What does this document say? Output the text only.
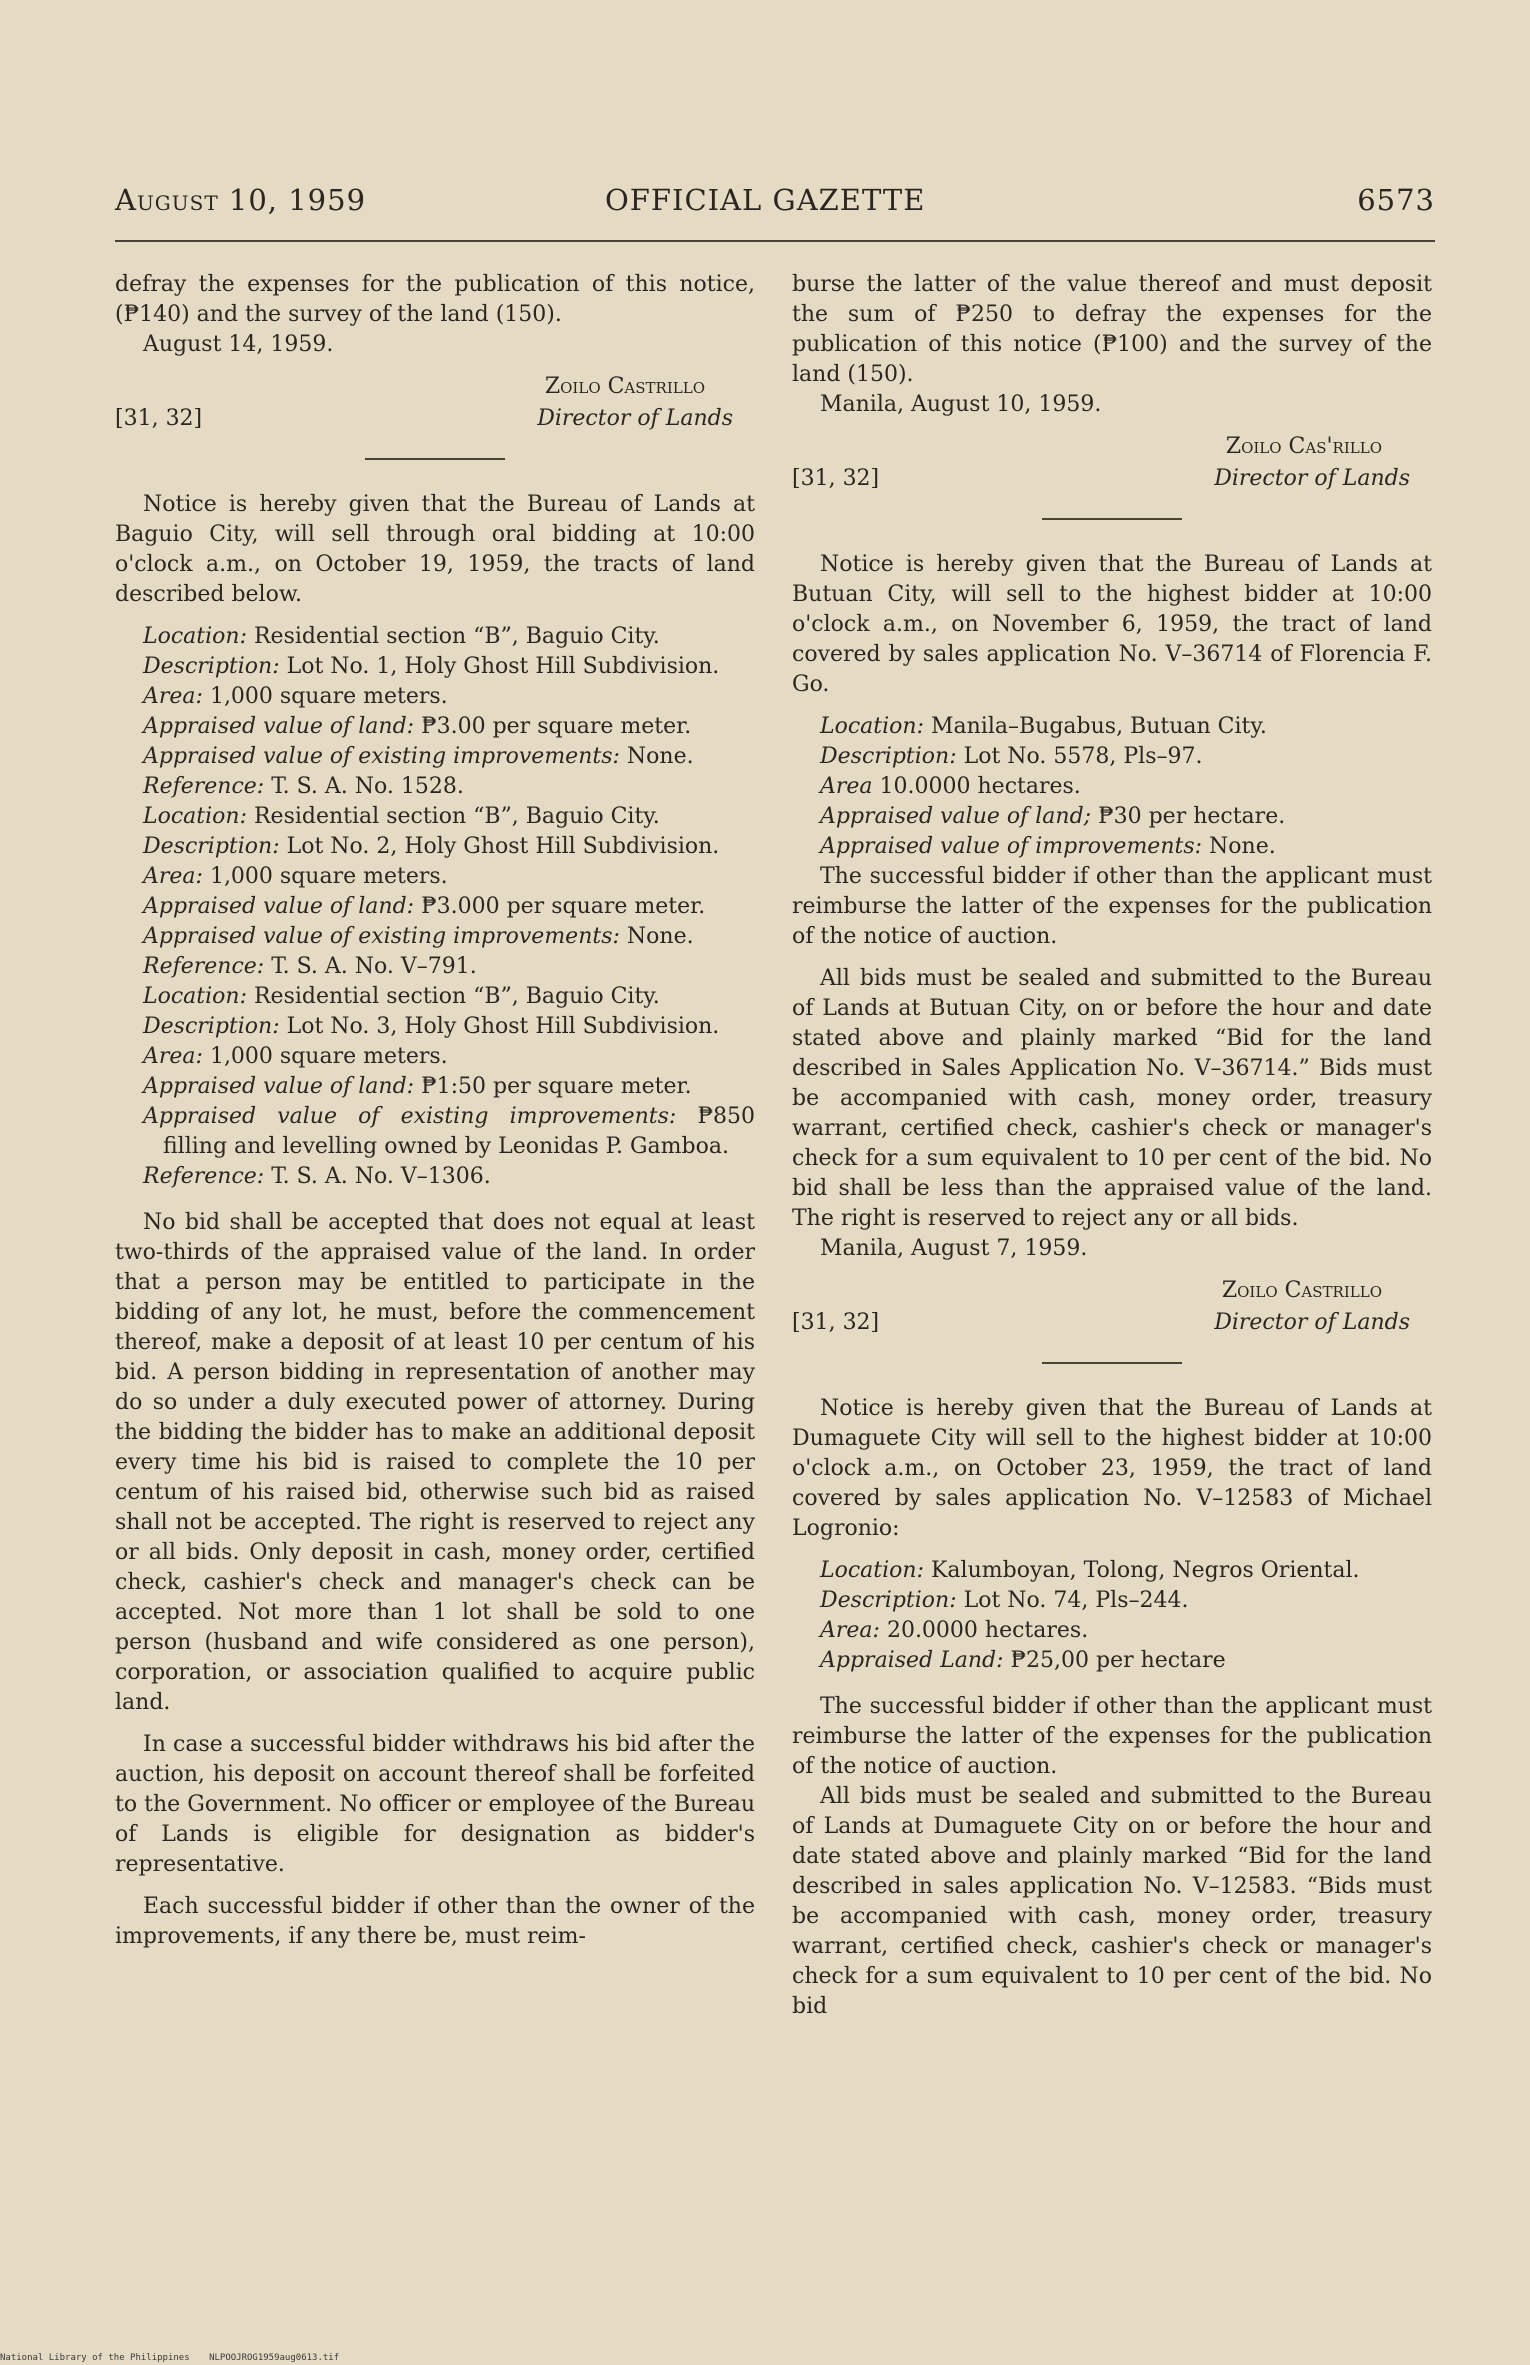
August 10, 1959	OFFICIAL GAZETTE	6573

defray the expenses for the publication of this notice, (₱140) and the survey of the land (150).

August 14, 1959.

Zoilo Castrillo
[31, 32]	Director of Lands

Notice is hereby given that the Bureau of Lands at Baguio City, will sell through oral bidding at 10:00 o'clock a.m., on October 19, 1959, the tracts of land described below.

Location: Residential section “B”, Baguio City.

Description: Lot No. 1, Holy Ghost Hill Subdivision.

Area: 1,000 square meters.

Appraised value of land: ₱3.00 per square meter.

Appraised value of existing improvements: None.

Reference: T. S. A. No. 1528.

Location: Residential section “B”, Baguio City.

Description: Lot No. 2, Holy Ghost Hill Subdivision.

Area: 1,000 square meters.

Appraised value of land: ₱3.000 per square meter.

Appraised value of existing improvements: None.

Reference: T. S. A. No. V–791.

Location: Residential section “B”, Baguio City.

Description: Lot No. 3, Holy Ghost Hill Subdivision.

Area: 1,000 square meters.

Appraised value of land: ₱1:50 per square meter.

Appraised value of existing improvements: ₱850 filling and levelling owned by Leonidas P. Gamboa.

Reference: T. S. A. No. V–1306.

No bid shall be accepted that does not equal at least two-thirds of the appraised value of the land. In order that a person may be entitled to participate in the bidding of any lot, he must, before the commencement thereof, make a deposit of at least 10 per centum of his bid. A person bidding in representation of another may do so under a duly executed power of attorney. During the bidding the bidder has to make an additional deposit every time his bid is raised to complete the 10 per centum of his raised bid, otherwise such bid as raised shall not be accepted. The right is reserved to reject any or all bids. Only deposit in cash, money order, certified check, cashier's check and manager's check can be accepted. Not more than 1 lot shall be sold to one person (husband and wife considered as one person), corporation, or association qualified to acquire public land.

In case a successful bidder withdraws his bid after the auction, his deposit on account thereof shall be forfeited to the Government. No officer or employee of the Bureau of Lands is eligible for designation as bidder's representative.

Each successful bidder if other than the owner of the improvements, if any there be, must reim-

burse the latter of the value thereof and must deposit the sum of ₱250 to defray the expenses for the publication of this notice (₱100) and the survey of the land (150).

Manila, August 10, 1959.

Zoilo Cas'rillo
[31, 32]	Director of Lands

Notice is hereby given that the Bureau of Lands at Butuan City, will sell to the highest bidder at 10:00 o'clock a.m., on November 6, 1959, the tract of land covered by sales application No. V–36714 of Florencia F. Go.

Location: Manila–Bugabus, Butuan City.

Description: Lot No. 5578, Pls–97.

Area 10.0000 hectares.

Appraised value of land; ₱30 per hectare.

Appraised value of improvements: None.

The successful bidder if other than the applicant must reimburse the latter of the expenses for the publication of the notice of auction.

All bids must be sealed and submitted to the Bureau of Lands at Butuan City, on or before the hour and date stated above and plainly marked “Bid for the land described in Sales Application No. V–36714.” Bids must be accompanied with cash, money order, treasury warrant, certified check, cashier's check or manager's check for a sum equivalent to 10 per cent of the bid. No bid shall be less than the appraised value of the land. The right is reserved to reject any or all bids.

Manila, August 7, 1959.

Zoilo Castrillo
[31, 32]	Director of Lands

Notice is hereby given that the Bureau of Lands at Dumaguete City will sell to the highest bidder at 10:00 o'clock a.m., on October 23, 1959, the tract of land covered by sales application No. V–12583 of Michael Logronio:

Location: Kalumboyan, Tolong, Negros Oriental.

Description: Lot No. 74, Pls–244.

Area: 20.0000 hectares.

Appraised Land: ₱25,00 per hectare

The successful bidder if other than the applicant must reimburse the latter of the expenses for the publication of the notice of auction.

All bids must be sealed and submitted to the Bureau of Lands at Dumaguete City on or before the hour and date stated above and plainly marked “Bid for the land described in sales application No. V–12583. “Bids must be accompanied with cash, money order, treasury warrant, certified check, cashier's check or manager's check for a sum equivalent to 10 per cent of the bid. No bid

National Library of the Philippines NLPOOJROG1959aug0613.tif
